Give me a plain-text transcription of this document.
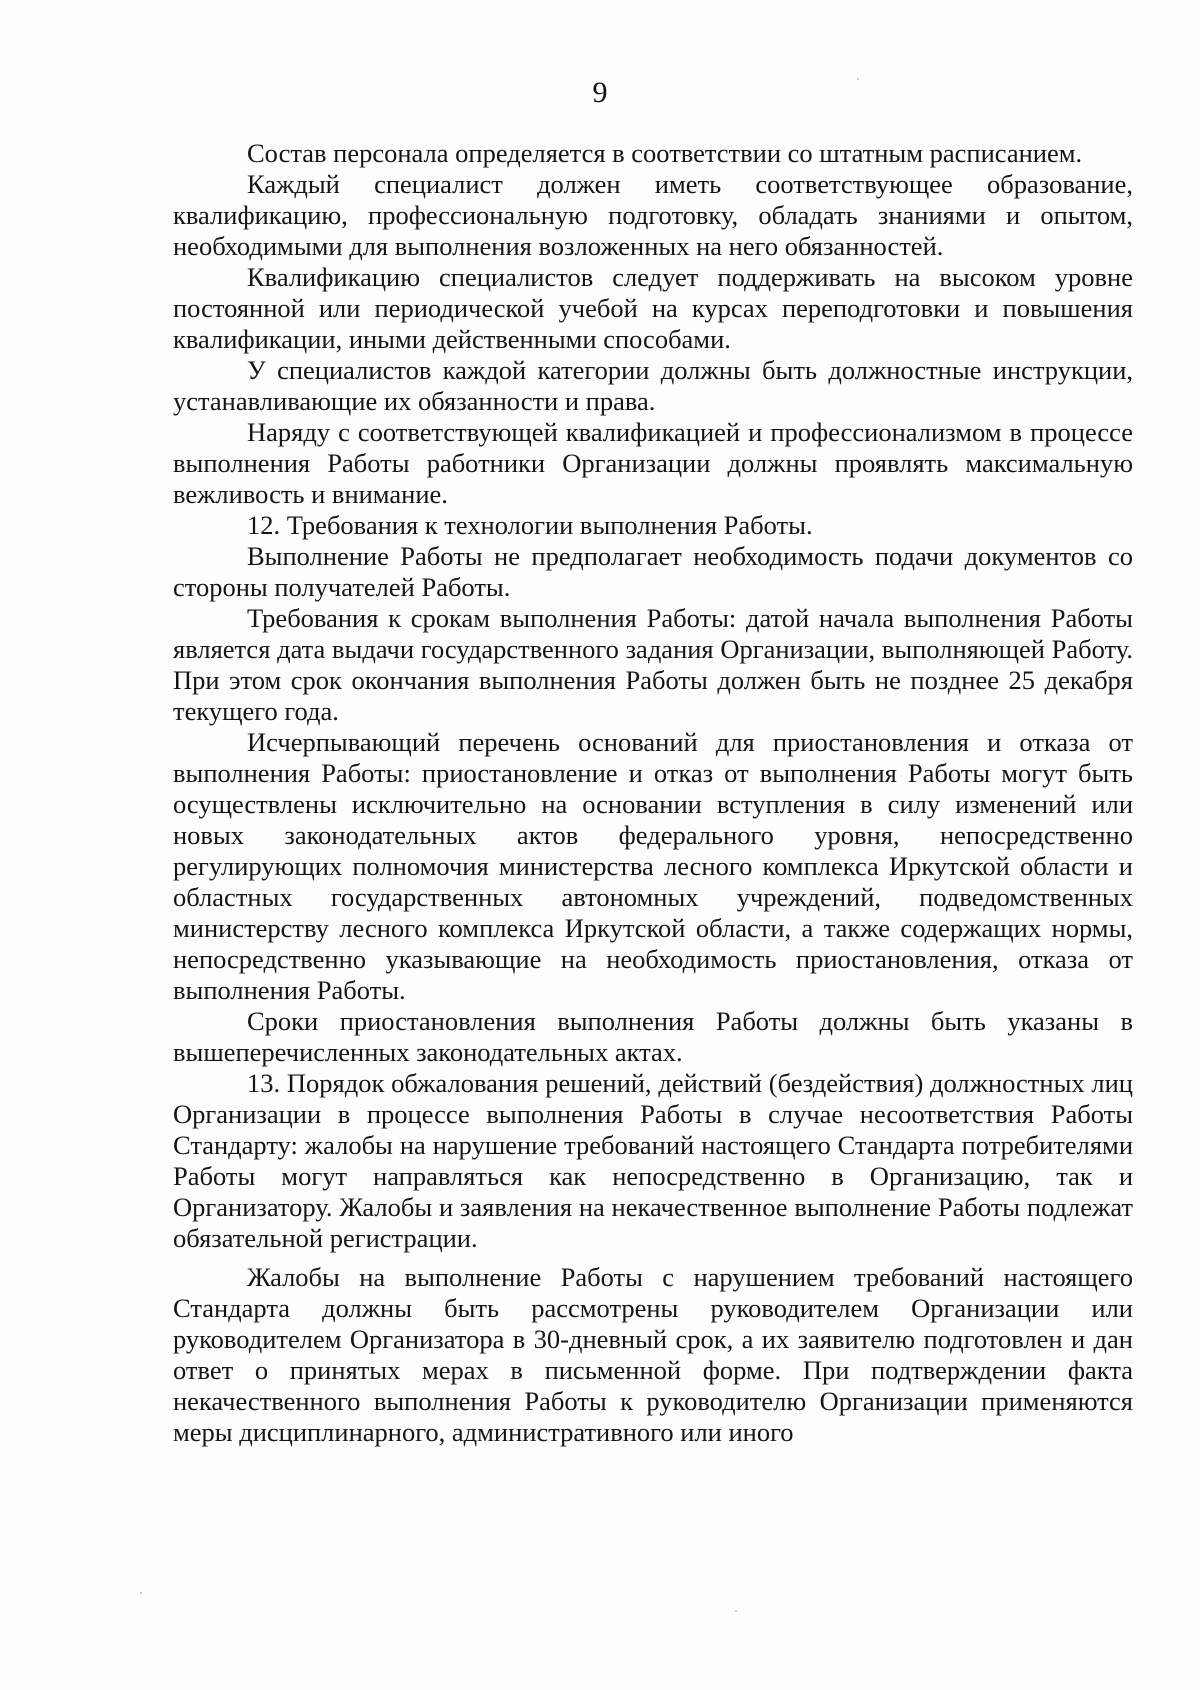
9

Состав персонала определяется в соответствии со штатным расписанием.

Каждый специалист должен иметь соответствующее образование, квалификацию, профессиональную подготовку, обладать знаниями и опытом, необходимыми для выполнения возложенных на него обязанностей.

Квалификацию специалистов следует поддерживать на высоком уровне постоянной или периодической учебой на курсах переподготовки и повышения квалификации, иными действенными способами.

У специалистов каждой категории должны быть должностные инструкции, устанавливающие их обязанности и права.

Наряду с соответствующей квалификацией и профессионализмом в процессе выполнения Работы работники Организации должны проявлять максимальную вежливость и внимание.

12. Требования к технологии выполнения Работы.

Выполнение Работы не предполагает необходимость подачи документов со стороны получателей Работы.

Требования к срокам выполнения Работы: датой начала выполнения Работы является дата выдачи государственного задания Организации, выполняющей Работу. При этом срок окончания выполнения Работы должен быть не позднее 25 декабря текущего года.

Исчерпывающий перечень оснований для приостановления и отказа от выполнения Работы: приостановление и отказ от выполнения Работы могут быть осуществлены исключительно на основании вступления в силу изменений или новых законодательных актов федерального уровня, непосредственно регулирующих полномочия министерства лесного комплекса Иркутской области и областных государственных автономных учреждений, подведомственных министерству лесного комплекса Иркутской области, а также содержащих нормы, непосредственно указывающие на необходимость приостановления, отказа от выполнения Работы.

Сроки приостановления выполнения Работы должны быть указаны в вышеперечисленных законодательных актах.

13. Порядок обжалования решений, действий (бездействия) должностных лиц Организации в процессе выполнения Работы в случае несоответствия Работы Стандарту: жалобы на нарушение требований настоящего Стандарта потребителями Работы могут направляться как непосредственно в Организацию, так и Организатору. Жалобы и заявления на некачественное выполнение Работы подлежат обязательной регистрации.

Жалобы на выполнение Работы с нарушением требований настоящего Стандарта должны быть рассмотрены руководителем Организации или руководителем Организатора в 30-дневный срок, а их заявителю подготовлен и дан ответ о принятых мерах в письменной форме. При подтверждении факта некачественного выполнения Работы к руководителю Организации применяются меры дисциплинарного, административного или иного
